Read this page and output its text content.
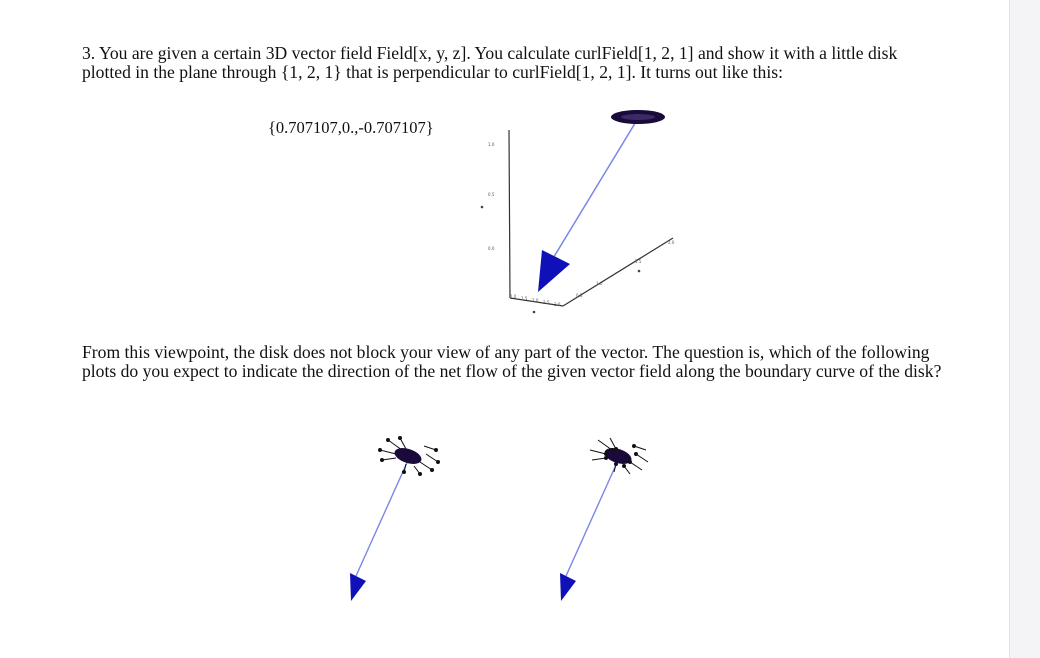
3. You are given a certain 3D vector field Field[x, y, z]. You calculate curlField[1, 2, 1] and show it with a little disk plotted in the plane through {1, 2, 1} that is perpendicular to curlField[1, 2, 1]. It turns out like this:

{0.707107,0.,-0.707107}
1.0
0.5
0.0
1.0 1.5 2.0 2.5 3.0
2.0
1.5
1.0
0.5

From this viewpoint, the disk does not block your view of any part of the vector. The question is, which of the following plots do you expect to indicate the direction of the net flow of the given vector field along the boundary curve of the disk?
